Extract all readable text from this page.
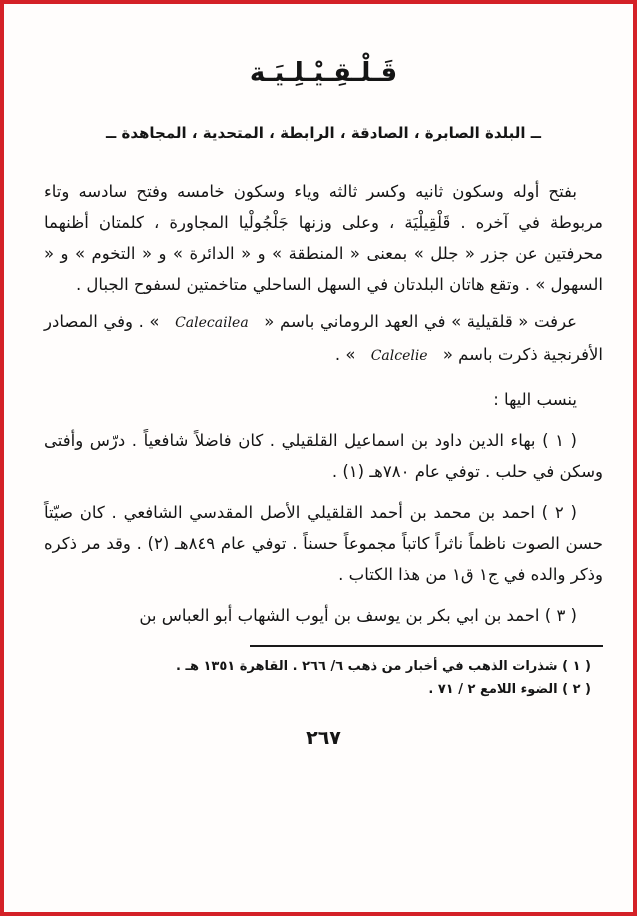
قَـلْـقِـيْـلِـيَـة
ــ البلدة الصابرة ، الصادقة ، الرابطة ، المتحدية ، المجاهدة ــ

بفتح أوله وسكون ثانيه وكسر ثالثه وياء وسكون خامسه وفتح سادسه وتاء مربوطة في آخره . قَلْقِيلْيَة ، وعلى وزنها جَلْجُولْيا المجاورة ، كلمتان أظنهما محرفتين عن جزر « جلل » بمعنى « المنطقة » و « الدائرة » و « التخوم » و « السهول » . وتقع هاتان البلدتان في السهل الساحلي متاخمتين لسفوح الجبال .

عرفت « قلقيلية » في العهد الروماني باسم « Calecailea » . وفي المصادر الأفرنجية ذكرت باسم « Calcelie » .

ينسب اليها :

( ١ ) بهاء الدين داود بن اسماعيل القلقيلي . كان فاضلاً شافعياً . درّس وأفتى وسكن في حلب . توفي عام ٧٨٠هـ (١) .

( ٢ ) احمد بن محمد بن أحمد القلقيلي الأصل المقدسي الشافعي . كان صيّتاً حسن الصوت ناظماً ناثراً كاتباً مجموعاً حسناً . توفي عام ٨٤٩هـ (٢) . وقد مر ذكره وذكر والده في ج١ ق١ من هذا الكتاب .

( ٣ ) احمد بن ابي بكر بن يوسف بن أيوب الشهاب أبو العباس بن

( ١ ) شذرات الذهب في أخبار من ذهب ٦/ ٢٦٦ . القاهرة ١٣٥١ هـ .
( ٢ ) الضوء اللامع ٢ / ٧١ .
٢٦٧
